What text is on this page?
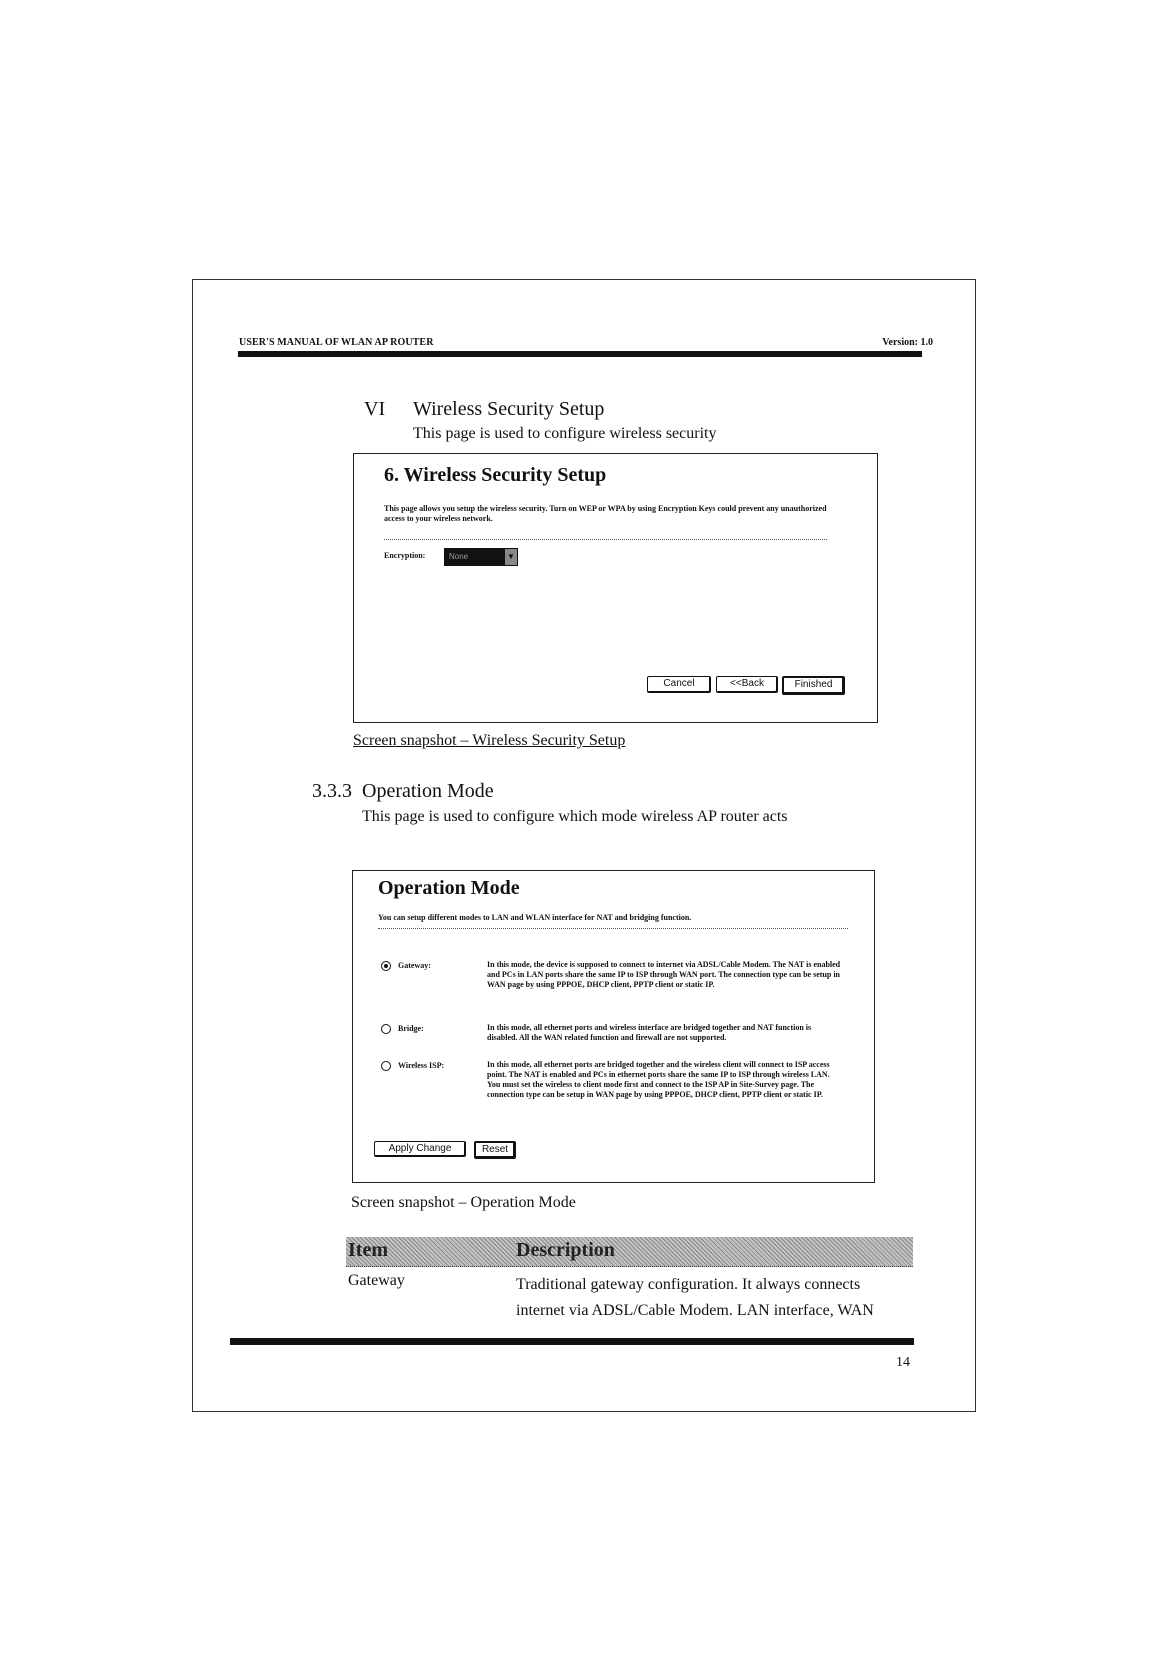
USER'S MANUAL OF WLAN AP ROUTER	Version: 1.0
VI Wireless Security Setup
This page is used to configure wireless security
6. Wireless Security Setup
This page allows you setup the wireless security. Turn on WEP or WPA by using Encryption Keys could prevent any unauthorized access to your wireless network.
Encryption:	None	▼
Cancel	<<Back	Finished
Screen snapshot – Wireless Security Setup
3.3.3 Operation Mode
This page is used to configure which mode wireless AP router acts
Operation Mode
You can setup different modes to LAN and WLAN interface for NAT and bridging function.
Gateway:	In this mode, the device is supposed to connect to internet via ADSL/Cable Modem. The NAT is enabled and PCs in LAN ports share the same IP to ISP through WAN port. The connection type can be setup in WAN page by using PPPOE, DHCP client, PPTP client or static IP.
Bridge:	In this mode, all ethernet ports and wireless interface are bridged together and NAT function is disabled. All the WAN related function and firewall are not supported.
Wireless ISP:	In this mode, all ethernet ports are bridged together and the wireless client will connect to ISP access point. The NAT is enabled and PCs in ethernet ports share the same IP to ISP through wireless LAN. You must set the wireless to client mode first and connect to the ISP AP in Site-Survey page. The connection type can be setup in WAN page by using PPPOE, DHCP client, PPTP client or static IP.
Apply Change	Reset
Screen snapshot – Operation Mode
Item	Description
Gateway	Traditional gateway configuration. It always connects internet via ADSL/Cable Modem. LAN interface, WAN
14
